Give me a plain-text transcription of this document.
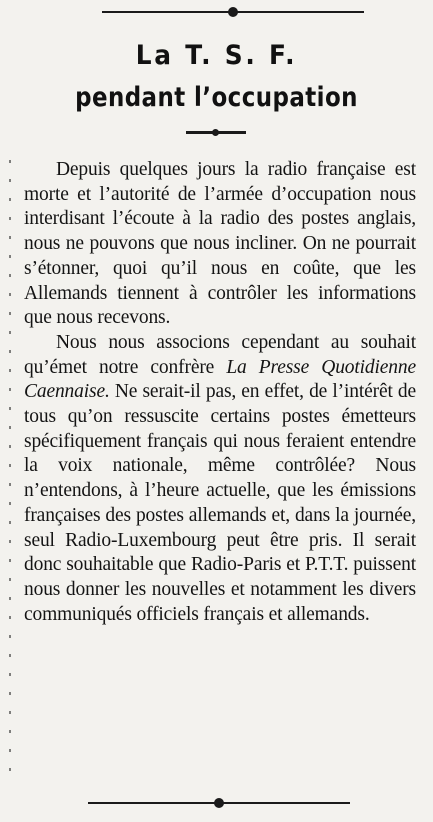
La T. S. F.
pendant l’occupation

Depuis quelques jours la radio française est morte et l’autorité de l’armée d’occupation nous interdisant l’écoute à la radio des postes anglais, nous ne pouvons que nous incliner. On ne pourrait s’étonner, quoi qu’il nous en coûte, que les Allemands tiennent à contrôler les informations que nous recevons.

Nous nous associons cependant au souhait qu’émet notre confrère La Presse Quotidienne Caennaise. Ne serait-il pas, en effet, de l’intérêt de tous qu’on ressuscite certains postes émetteurs spécifiquement français qui nous feraient entendre la voix nationale, même contrôlée? Nous n’entendons, à l’heure actuelle, que les émissions françaises des postes allemands et, dans la journée, seul Radio-Luxembourg peut être pris. Il serait donc souhaitable que Radio-Paris et P.T.T. puissent nous donner les nouvelles et notamment les divers communiqués officiels français et allemands.
